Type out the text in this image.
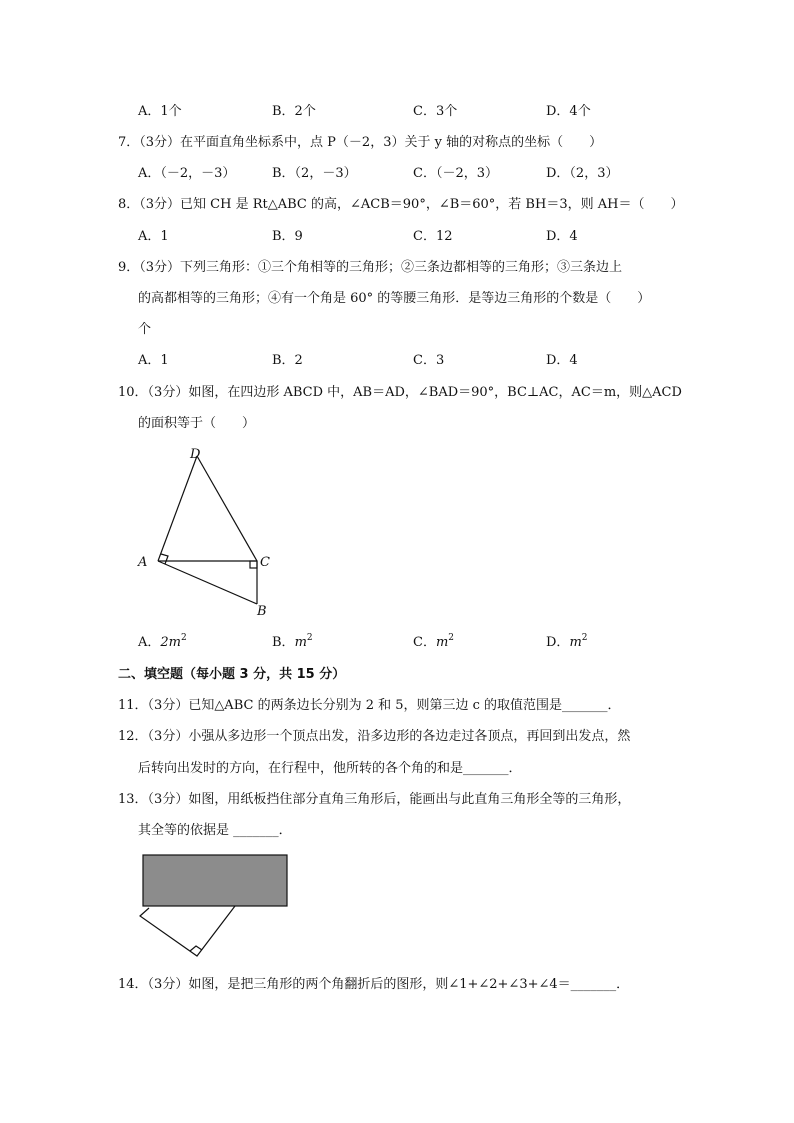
A．1个	B．2个	C．3个	D．4个
7．（3分）在平面直角坐标系中，点 P（－2，3）关于 y 轴的对称点的坐标（　　）
A．（－2，－3）	B．（2，－3）	C．（－2，3）	D．（2，3）
8．（3分）已知 CH 是 Rt△ABC 的高，∠ACB＝90°，∠B＝60°，若 BH＝3，则 AH＝（　　）
A．1	B．9	C．12	D．4
9．（3分）下列三角形：①三个角相等的三角形；②三条边都相等的三角形；③三条边上
的高都相等的三角形；④有一个角是 60° 的等腰三角形．是等边三角形的个数是（　　）
个
A．1	B．2	C．3	D．4
10．（3分）如图，在四边形 ABCD 中，AB＝AD，∠BAD＝90°，BC⊥AC，AC＝m，则△ACD
的面积等于（　　）
D
A	C
B
A．$2m^2$	B．$m^2$	C．$m^2$	D．$m^2$
二、填空题（每小题 3 分，共 15 分）
11．（3分）已知△ABC 的两条边长分别为 2 和 5，则第三边 c 的取值范围是_______．
12．（3分）小强从多边形一个顶点出发，沿多边形的各边走过各顶点，再回到出发点，然
后转向出发时的方向，在行程中，他所转的各个角的和是_______．
13．（3分）如图，用纸板挡住部分直角三角形后，能画出与此直角三角形全等的三角形，
其全等的依据是 _______．
14．（3分）如图，是把三角形的两个角翻折后的图形，则∠1+∠2+∠3+∠4＝_______．
